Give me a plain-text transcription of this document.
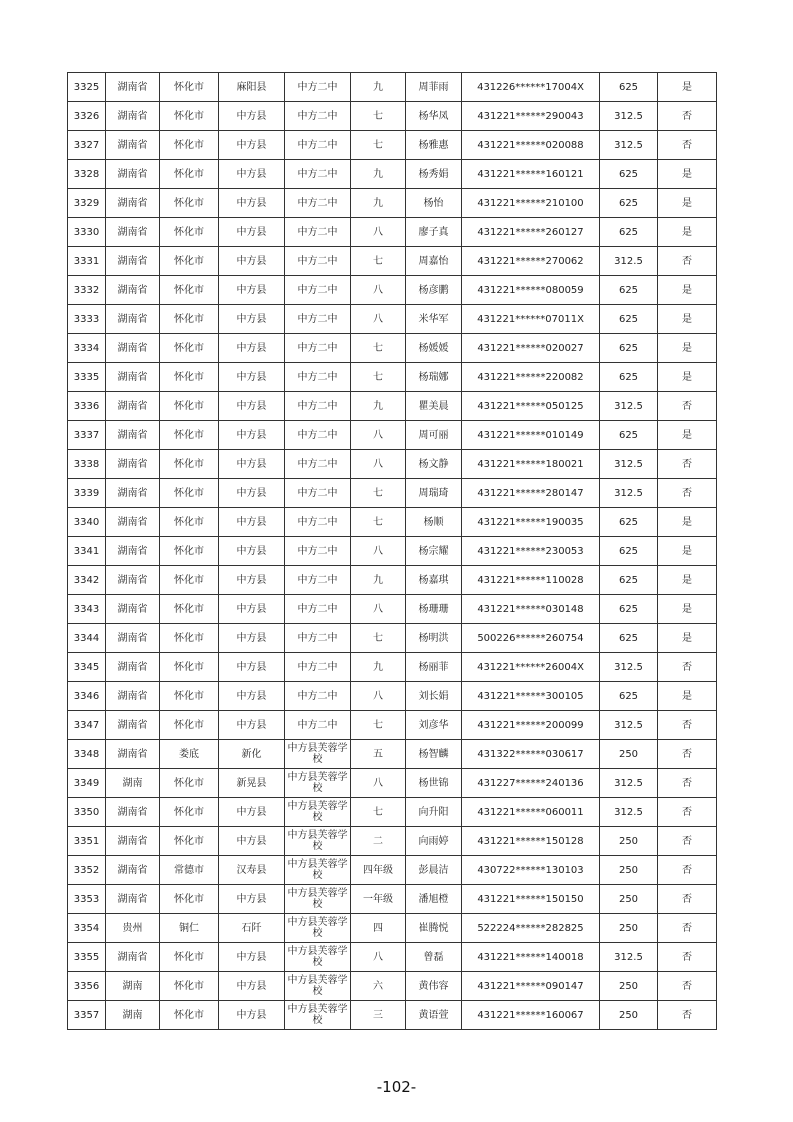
3325	湖南省	怀化市	麻阳县	中方二中	九	周菲雨	431226******17004X	625	是
3326	湖南省	怀化市	中方县	中方二中	七	杨华凤	431221******290043	312.5	否
3327	湖南省	怀化市	中方县	中方二中	七	杨雅惠	431221******020088	312.5	否
3328	湖南省	怀化市	中方县	中方二中	九	杨秀娟	431221******160121	625	是
3329	湖南省	怀化市	中方县	中方二中	九	杨怡	431221******210100	625	是
3330	湖南省	怀化市	中方县	中方二中	八	廖子真	431221******260127	625	是
3331	湖南省	怀化市	中方县	中方二中	七	周嘉怡	431221******270062	312.5	否
3332	湖南省	怀化市	中方县	中方二中	八	杨彦鹏	431221******080059	625	是
3333	湖南省	怀化市	中方县	中方二中	八	米华军	431221******07011X	625	是
3334	湖南省	怀化市	中方县	中方二中	七	杨媛媛	431221******020027	625	是
3335	湖南省	怀化市	中方县	中方二中	七	杨瑞娜	431221******220082	625	是
3336	湖南省	怀化市	中方县	中方二中	九	瞿美晨	431221******050125	312.5	否
3337	湖南省	怀化市	中方县	中方二中	八	周可丽	431221******010149	625	是
3338	湖南省	怀化市	中方县	中方二中	八	杨文静	431221******180021	312.5	否
3339	湖南省	怀化市	中方县	中方二中	七	周瑞琦	431221******280147	312.5	否
3340	湖南省	怀化市	中方县	中方二中	七	杨顺	431221******190035	625	是
3341	湖南省	怀化市	中方县	中方二中	八	杨宗耀	431221******230053	625	是
3342	湖南省	怀化市	中方县	中方二中	九	杨嘉琪	431221******110028	625	是
3343	湖南省	怀化市	中方县	中方二中	八	杨珊珊	431221******030148	625	是
3344	湖南省	怀化市	中方县	中方二中	七	杨明洪	500226******260754	625	是
3345	湖南省	怀化市	中方县	中方二中	九	杨丽菲	431221******26004X	312.5	否
3346	湖南省	怀化市	中方县	中方二中	八	刘长娟	431221******300105	625	是
3347	湖南省	怀化市	中方县	中方二中	七	刘彦华	431221******200099	312.5	否
3348	湖南省	娄底	新化	中方县芙蓉学校	五	杨智麟	431322******030617	250	否
3349	湖南	怀化市	新晃县	中方县芙蓉学校	八	杨世锦	431227******240136	312.5	否
3350	湖南省	怀化市	中方县	中方县芙蓉学校	七	向升阳	431221******060011	312.5	否
3351	湖南省	怀化市	中方县	中方县芙蓉学校	二	向雨婷	431221******150128	250	否
3352	湖南省	常德市	汉寿县	中方县芙蓉学校	四年级	彭晨洁	430722******130103	250	否
3353	湖南省	怀化市	中方县	中方县芙蓉学校	一年级	潘旭橙	431221******150150	250	否
3354	贵州	铜仁	石阡	中方县芙蓉学校	四	崔腾悦	522224******282825	250	否
3355	湖南省	怀化市	中方县	中方县芙蓉学校	八	曾磊	431221******140018	312.5	否
3356	湖南	怀化市	中方县	中方县芙蓉学校	六	黄伟容	431221******090147	250	否
3357	湖南	怀化市	中方县	中方县芙蓉学校	三	黄语萱	431221******160067	250	否
-102-
